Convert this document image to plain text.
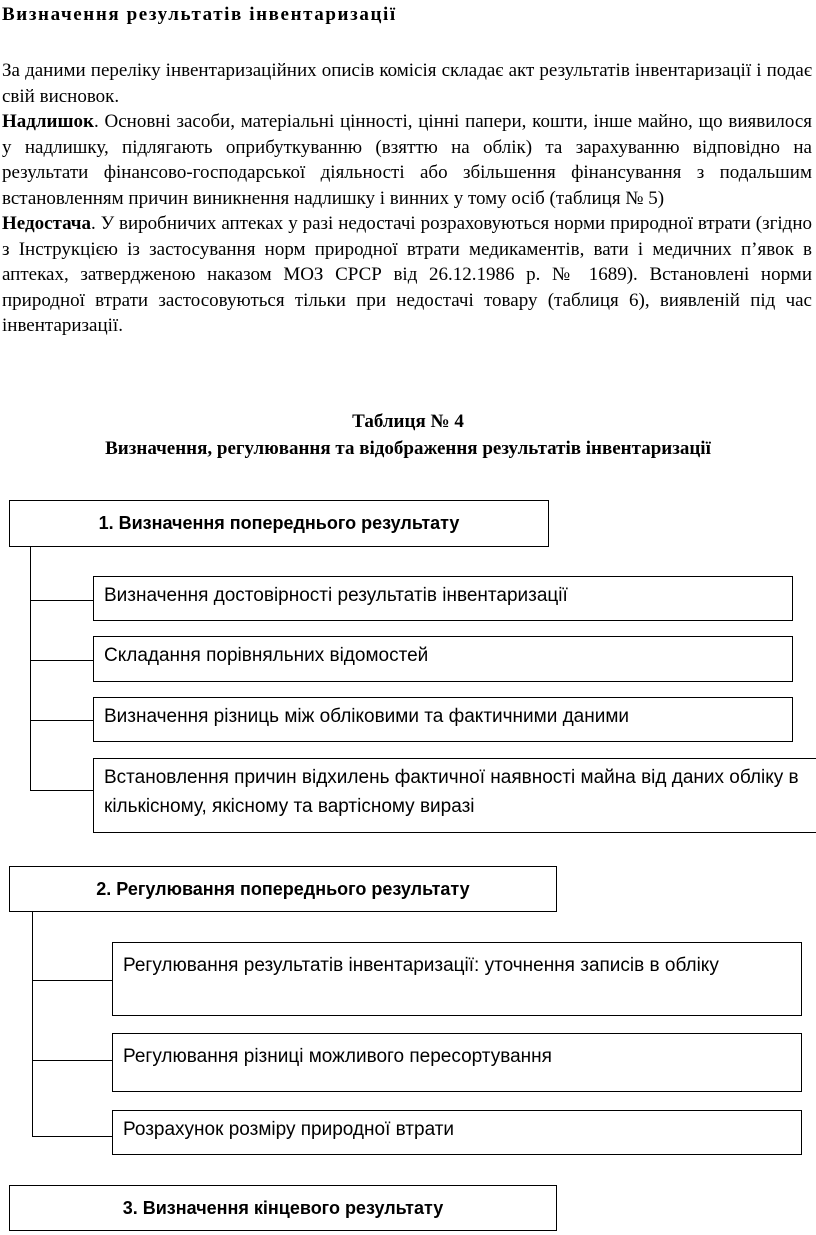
Визначення результатів інвентаризації

За даними переліку інвентаризаційних описів комісія складає акт результатів інвентаризації і подає свій висновок.

Надлишок. Основні засоби, матеріальні цінності, цінні папери, кошти, інше майно, що виявилося у надлишку, підлягають оприбуткуванню (взяттю на облік) та зарахуванню відповідно на результати фінансово-господарської діяльності або збільшення фінансування з подальшим встановленням причин виникнення надлишку і винних у тому осіб (таблиця № 5)

Недостача. У виробничих аптеках у разі недостачі розраховуються норми природної втрати (згідно з Інструкцією із застосування норм природної втрати медикаментів, вати і медичних п’явок в аптеках, затвердженою наказом МОЗ СРСР від 26.12.1986 р. № 1689). Встановлені норми природної втрати застосовуються тільки при недостачі товару (таблиця 6), виявленій під час інвентаризації.

Таблиця № 4
Визначення, регулювання та відображення результатів інвентаризації
1. Визначення попереднього результату
Визначення достовірності результатів інвентаризації
Складання порівняльних відомостей
Визначення різниць між обліковими та фактичними даними
Встановлення причин відхилень фактичної наявності майна від даних обліку в кількісному, якісному та вартісному виразі
2. Регулювання попереднього результату
Регулювання результатів інвентаризації: уточнення записів в обліку
Регулювання різниці можливого пересортування
Розрахунок розміру природної втрати
3. Визначення кінцевого результату
